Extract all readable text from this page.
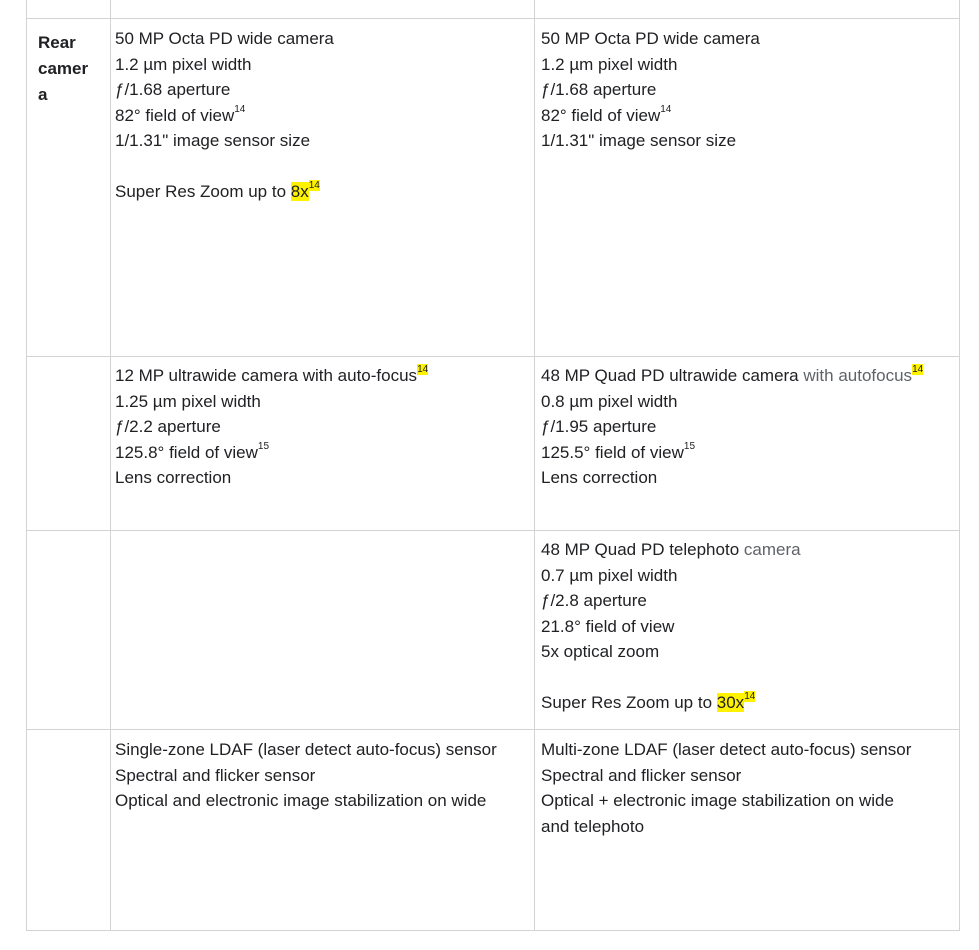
Rear
camer
a
50 MP Octa PD wide camera
1.2 µm pixel width
ƒ/1.68 aperture
82° field of view$^{14}$
1/1.31" image sensor size
Super Res Zoom up to $8x^{14}$
50 MP Octa PD wide camera
1.2 µm pixel width
ƒ/1.68 aperture
82° field of view$^{14}$
1/1.31" image sensor size
12 MP ultrawide camera with auto-focus$^{14}$
1.25 µm pixel width
ƒ/2.2 aperture
125.8° field of view$^{15}$
Lens correction
48 MP Quad PD ultrawide camera with autofocus$^{14}$
0.8 µm pixel width
ƒ/1.95 aperture
125.5° field of view$^{15}$
Lens correction
48 MP Quad PD telephoto camera
0.7 µm pixel width
ƒ/2.8 aperture
21.8° field of view
5x optical zoom
Super Res Zoom up to $30x^{14}$
Single-zone LDAF (laser detect auto-focus) sensor
Spectral and flicker sensor
Optical and electronic image stabilization on wide
Multi-zone LDAF (laser detect auto-focus) sensor
Spectral and flicker sensor
Optical + electronic image stabilization on wide
and telephoto
